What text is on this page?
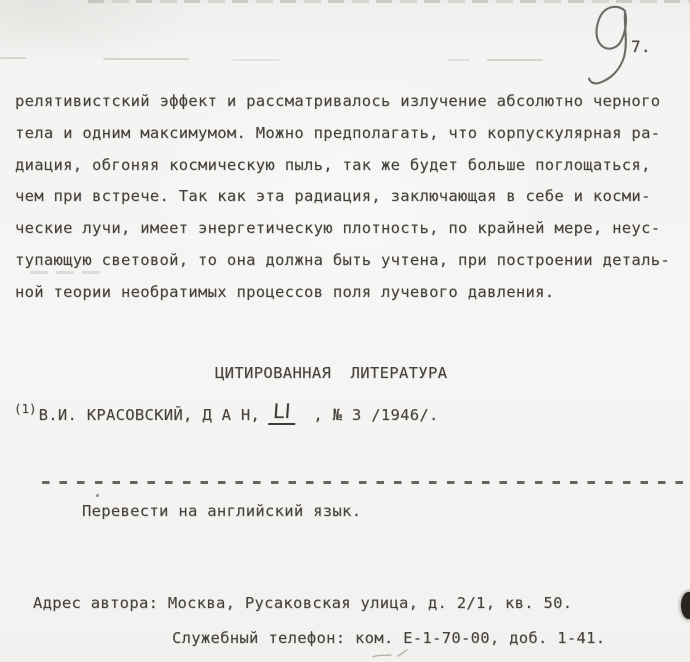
7.
релятивистский эффект и рассматривалось излучение абсолютно черного
тела и одним максимумом. Можно предполагать, что корпускулярная ра-
диация, обгоняя космическую пыль, так же будет больше поглощаться,
чем при встрече. Так как эта радиация, заключающая в себе и косми-
ческие лучи, имеет энергетическую плотность, по крайней мере, неус-
тупающую световой, то она должна быть учтена, при построении деталь-
ной теории необратимых процессов поля лучевого давления.
ЦИТИРОВАННАЯ  ЛИТЕРАТУРА
(1) В.И. КРАСОВСКИЙ, Д А Н, LI , № 3 /1946/.
Перевести на английский язык.
Адрес автора: Москва, Русаковская улица, д. 2/1, кв. 50.
Служебный телефон: ком. Е-1-70-00, доб. 1-41.
